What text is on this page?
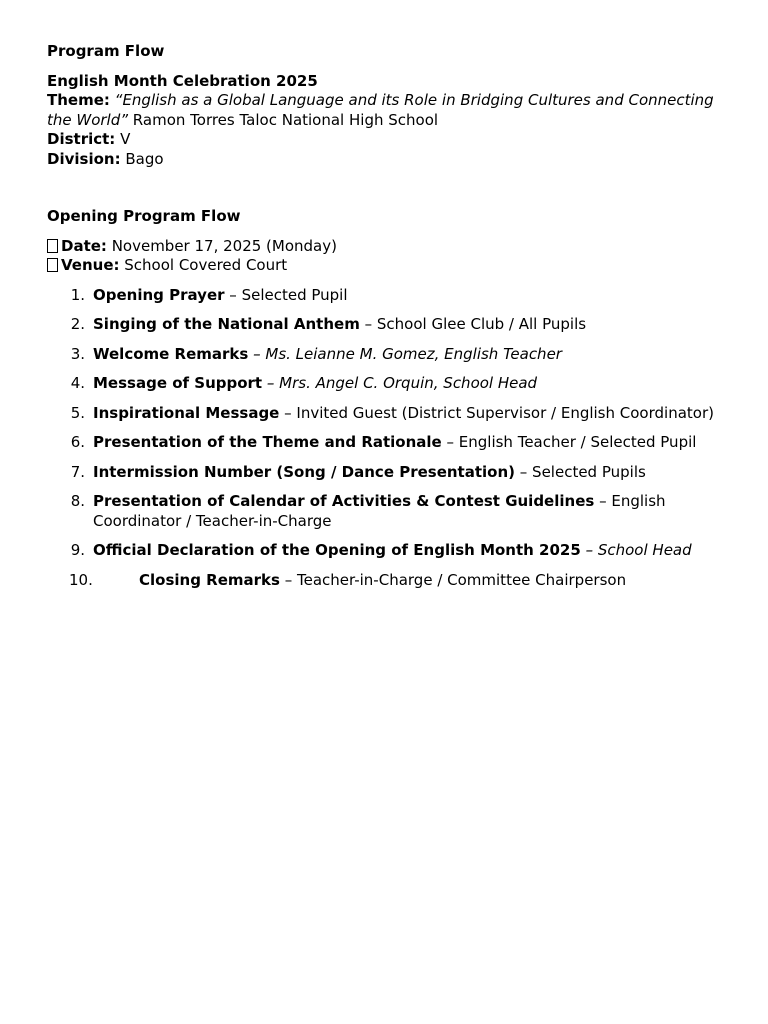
Program Flow

English Month Celebration 2025

Theme: “English as a Global Language and its Role in Bridging Cultures and Connecting the World” Ramon Torres Taloc National High School

District: V

Division: Bago

Opening Program Flow

Date: November 17, 2025 (Monday)

Venue: School Covered Court

1. Opening Prayer – Selected Pupil
2. Singing of the National Anthem – School Glee Club / All Pupils
3. Welcome Remarks – Ms. Leianne M. Gomez, English Teacher
4. Message of Support – Mrs. Angel C. Orquin, School Head
5. Inspirational Message – Invited Guest (District Supervisor / English Coordinator)
6. Presentation of the Theme and Rationale – English Teacher / Selected Pupil
7. Intermission Number (Song / Dance Presentation) – Selected Pupils
8. Presentation of Calendar of Activities & Contest Guidelines – English Coordinator / Teacher-in-Charge
9. Official Declaration of the Opening of English Month 2025 – School Head
10.	Closing Remarks – Teacher-in-Charge / Committee Chairperson
